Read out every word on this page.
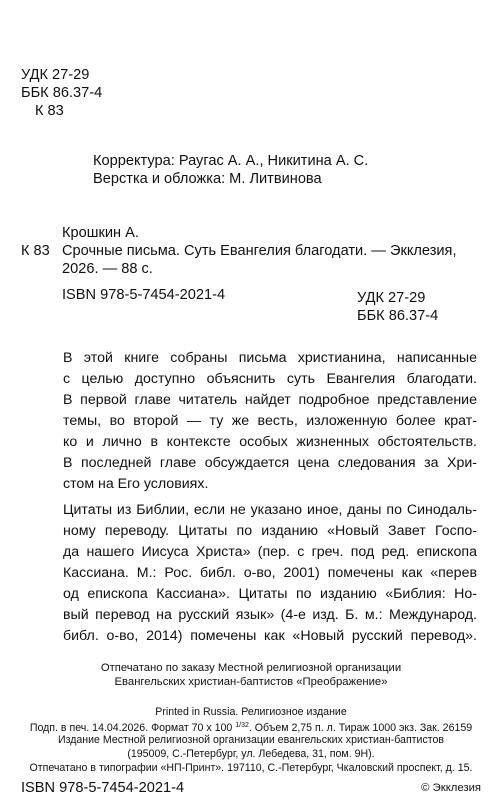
УДК 27-29
ББК 86.37-4
К 83
Корректура: Раугас А. А., Никитина А. С.
Верстка и обложка: М. Литвинова
Крошкин А.
К 83 Срочные письма. Суть Евангелия благодати. — Экклезия,
2026. — 88 с.
ISBN 978-5-7454-2021-4	УДК 27-29
ББК 86.37-4
В этой книге собраны письма христианина, написанные
с целью доступно объяснить суть Евангелия благодати.
В первой главе читатель найдет подробное представление
темы, во второй — ту же весть, изложенную более крат-
ко и лично в контексте особых жизненных обстоятельств.
В последней главе обсуждается цена следования за Хри-
стом на Его условиях.
Цитаты из Библии, если не указано иное, даны по Синодаль-
ному переводу. Цитаты по изданию «Новый Завет Госпо-
да нашего Иисуса Христа» (пер. с греч. под ред. епископа
Кассиана. М.: Рос. библ. о-во, 2001) помечены как «перев
од епископа Кассиана». Цитаты по изданию «Библия: Но-
вый перевод на русский язык» (4-е изд. Б. м.: Международ.
библ. о-во, 2014) помечены как «Новый русский перевод».
Отпечатано по заказу Местной религиозной организации
Евангельских христиан-баптистов «Преображение»
Printed in Russia. Религиозное издание
Подп. в печ. 14.04.2026. Формат 70 х 100 $^{1/32}$. Объем 2,75 п. л. Тираж 1000 экз. Зак. 26159
Издание Местной религиозной организации евангельских христиан-баптистов
(195009, С.-Петербург, ул. Лебедева, 31, пом. 9Н).
Отпечатано в типографии «НП-Принт». 197110, С.-Петербург, Чкаловский проспект, д. 15.
ISBN 978-5-7454-2021-4	© Экклезия
